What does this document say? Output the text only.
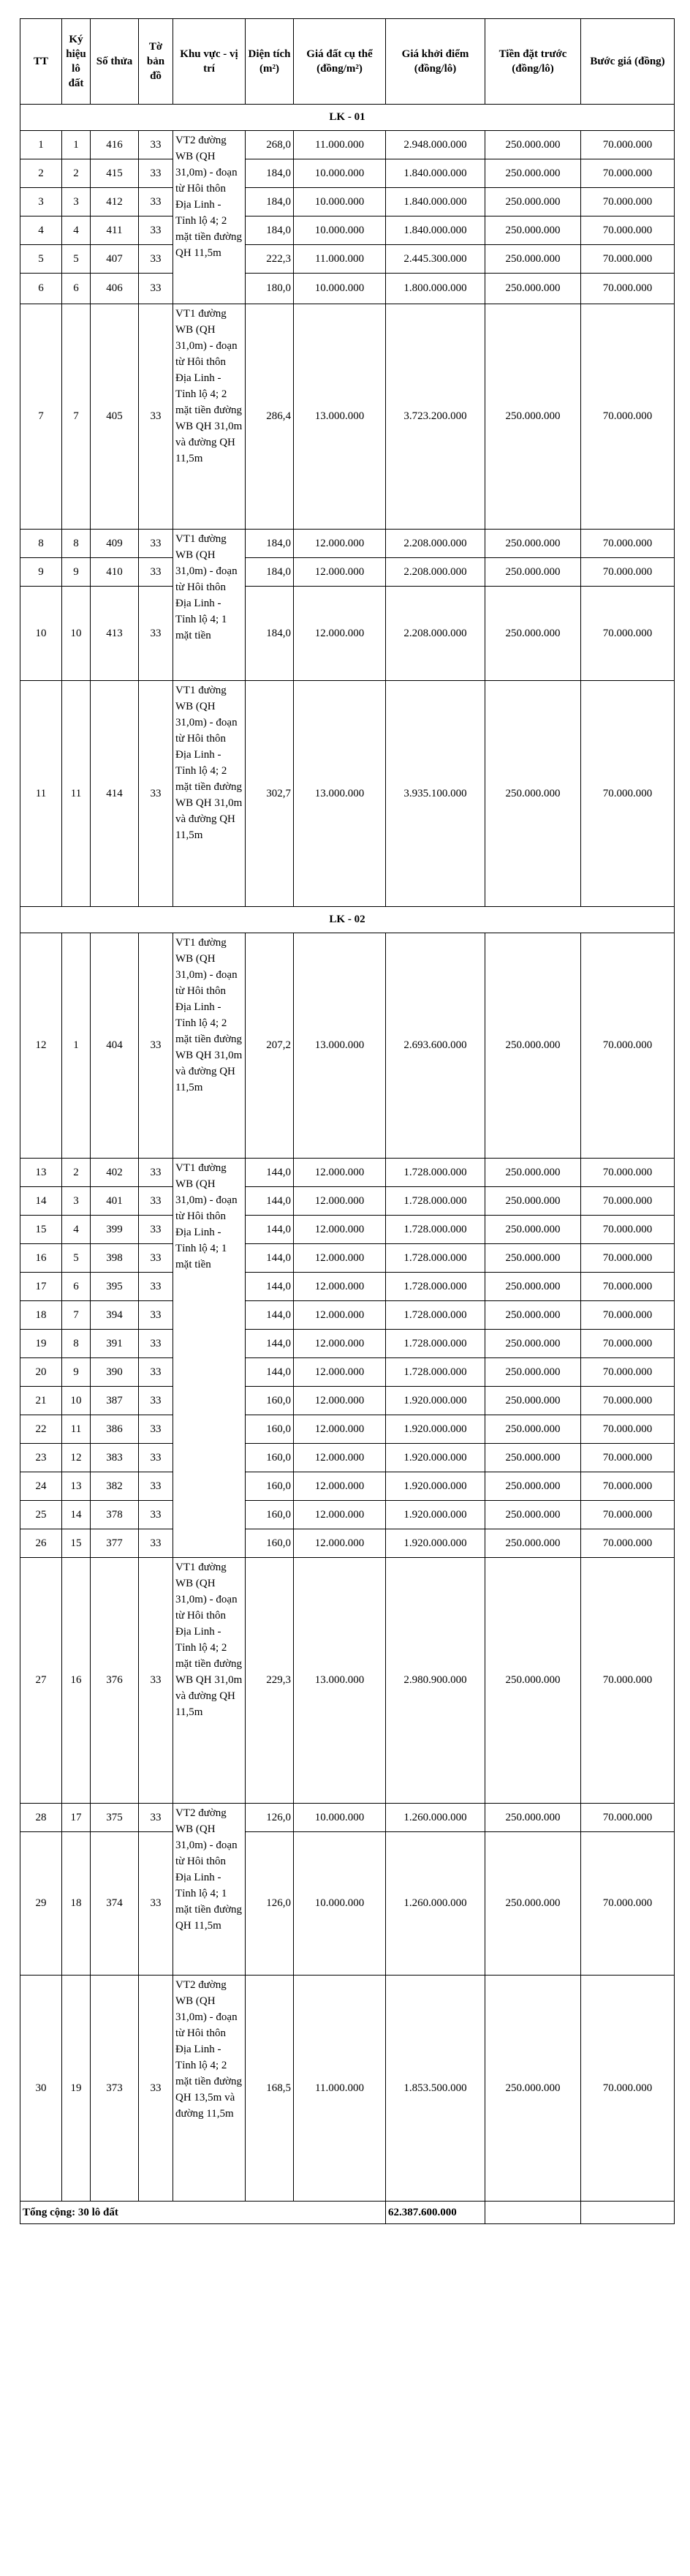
TT	Ký hiệu lô đất	Số thửa	Tờ bản đồ	Khu vực - vị trí	Diện tích (m²)	Giá đất cụ thể (đồng/m²)	Giá khởi điểm (đồng/lô)	Tiền đặt trước (đồng/lô)	Bước giá (đồng)
LK - 01									
1	1	416	33	VT2 đường WB (QH 31,0m) - đoạn từ Hôi thôn Địa Linh - Tỉnh lộ 4; 2 mặt tiền đường QH 11,5m	268,0	11.000.000	2.948.000.000	250.000.000	70.000.000
2	2	415	33		184,0	10.000.000	1.840.000.000	250.000.000	70.000.000
3	3	412	33		184,0	10.000.000	1.840.000.000	250.000.000	70.000.000
4	4	411	33		184,0	10.000.000	1.840.000.000	250.000.000	70.000.000
5	5	407	33		222,3	11.000.000	2.445.300.000	250.000.000	70.000.000
6	6	406	33		180,0	10.000.000	1.800.000.000	250.000.000	70.000.000
7	7	405	33	VT1 đường WB (QH 31,0m) - đoạn từ Hôi thôn Địa Linh - Tỉnh lộ 4; 2 mặt tiền đường WB QH 31,0m và đường QH 11,5m	286,4	13.000.000	3.723.200.000	250.000.000	70.000.000
8	8	409	33	VT1 đường WB (QH 31,0m) - đoạn từ Hôi thôn Địa Linh - Tỉnh lộ 4; 1 mặt tiền	184,0	12.000.000	2.208.000.000	250.000.000	70.000.000
9	9	410	33		184,0	12.000.000	2.208.000.000	250.000.000	70.000.000
10	10	413	33		184,0	12.000.000	2.208.000.000	250.000.000	70.000.000
11	11	414	33	VT1 đường WB (QH 31,0m) - đoạn từ Hôi thôn Địa Linh - Tỉnh lộ 4; 2 mặt tiền đường WB QH 31,0m và đường QH 11,5m	302,7	13.000.000	3.935.100.000	250.000.000	70.000.000
LK - 02									
12	1	404	33	VT1 đường WB (QH 31,0m) - đoạn từ Hôi thôn Địa Linh - Tỉnh lộ 4; 2 mặt tiền đường WB QH 31,0m và đường QH 11,5m	207,2	13.000.000	2.693.600.000	250.000.000	70.000.000
13	2	402	33	VT1 đường WB (QH 31,0m) - đoạn từ Hôi thôn Địa Linh - Tỉnh lộ 4; 1 mặt tiền	144,0	12.000.000	1.728.000.000	250.000.000	70.000.000
14	3	401	33		144,0	12.000.000	1.728.000.000	250.000.000	70.000.000
15	4	399	33		144,0	12.000.000	1.728.000.000	250.000.000	70.000.000
16	5	398	33		144,0	12.000.000	1.728.000.000	250.000.000	70.000.000
17	6	395	33		144,0	12.000.000	1.728.000.000	250.000.000	70.000.000
18	7	394	33		144,0	12.000.000	1.728.000.000	250.000.000	70.000.000
19	8	391	33		144,0	12.000.000	1.728.000.000	250.000.000	70.000.000
20	9	390	33		144,0	12.000.000	1.728.000.000	250.000.000	70.000.000
21	10	387	33		160,0	12.000.000	1.920.000.000	250.000.000	70.000.000
22	11	386	33		160,0	12.000.000	1.920.000.000	250.000.000	70.000.000
23	12	383	33		160,0	12.000.000	1.920.000.000	250.000.000	70.000.000
24	13	382	33		160,0	12.000.000	1.920.000.000	250.000.000	70.000.000
25	14	378	33		160,0	12.000.000	1.920.000.000	250.000.000	70.000.000
26	15	377	33		160,0	12.000.000	1.920.000.000	250.000.000	70.000.000
27	16	376	33	VT1 đường WB (QH 31,0m) - đoạn từ Hôi thôn Địa Linh - Tỉnh lộ 4; 2 mặt tiền đường WB QH 31,0m và đường QH 11,5m	229,3	13.000.000	2.980.900.000	250.000.000	70.000.000
28	17	375	33	VT2 đường WB (QH 31,0m) - đoạn từ Hôi thôn Địa Linh - Tỉnh lộ 4; 1 mặt tiền đường QH 11,5m	126,0	10.000.000	1.260.000.000	250.000.000	70.000.000
29	18	374	33		126,0	10.000.000	1.260.000.000	250.000.000	70.000.000
30	19	373	33	VT2 đường WB (QH 31,0m) - đoạn từ Hôi thôn Địa Linh - Tỉnh lộ 4; 2 mặt tiền đường QH 13,5m và đường 11,5m	168,5	11.000.000	1.853.500.000	250.000.000	70.000.000
Tổng cộng: 30 lô đất							62.387.600.000		
